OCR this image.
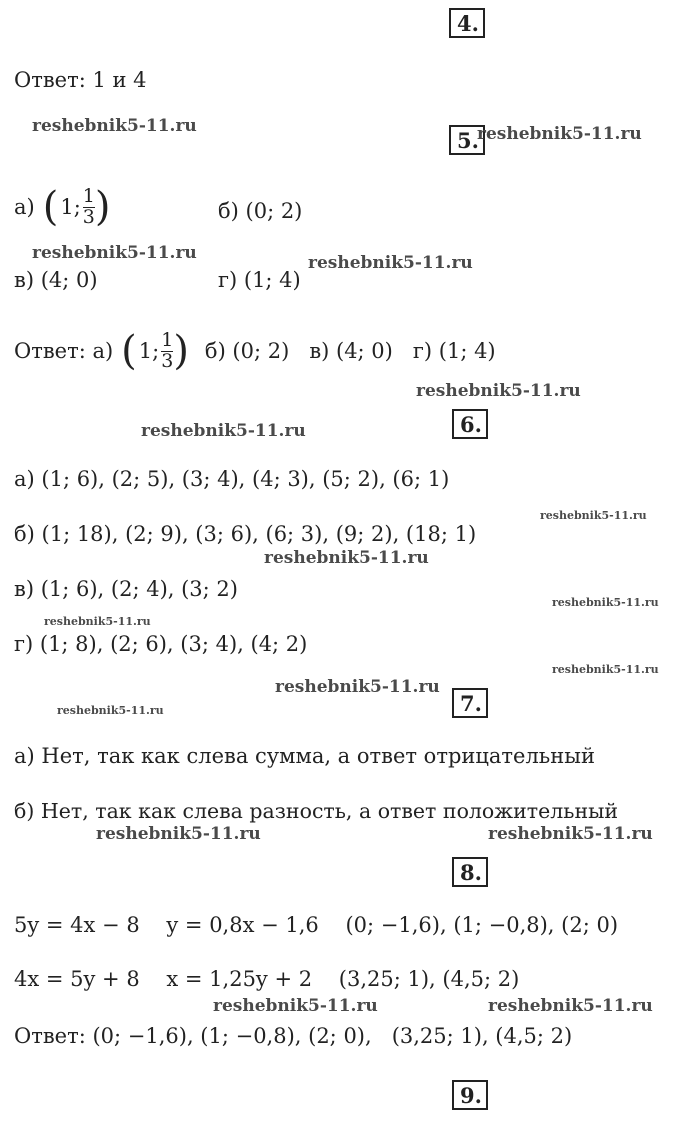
4.
Ответ: 1 и 4
5.
а) ( 1; $\frac{1}{3}$ )	б) (0; 2)
в) (4; 0)	г) (1; 4)
Ответ: а) ( 1; $\frac{1}{3}$ ) б) (0; 2)   в) (4; 0)   г) (1; 4)
6.
а) (1; 6), (2; 5), (3; 4), (4; 3), (5; 2), (6; 1)
б) (1; 18), (2; 9), (3; 6), (6; 3), (9; 2), (18; 1)
в) (1; 6), (2; 4), (3; 2)
г) (1; 8), (2; 6), (3; 4), (4; 2)
7.
а) Нет, так как слева сумма, а ответ отрицательный
б) Нет, так как слева разность, а ответ положительный
8.
5y = 4x − 8    y = 0,8x − 1,6    (0; −1,6), (1; −0,8), (2; 0)
4x = 5y + 8    x = 1,25y + 2    (3,25; 1), (4,5; 2)
Ответ: (0; −1,6), (1; −0,8), (2; 0),   (3,25; 1), (4,5; 2)
9.
reshebnik5-11.ru	reshebnik5-11.ru
reshebnik5-11.ru	reshebnik5-11.ru
reshebnik5-11.ru
reshebnik5-11.ru
reshebnik5-11.ru
reshebnik5-11.ru
reshebnik5-11.ru
reshebnik5-11.ru
reshebnik5-11.ru
reshebnik5-11.ru
reshebnik5-11.ru
reshebnik5-11.ru	reshebnik5-11.ru
reshebnik5-11.ru	reshebnik5-11.ru
